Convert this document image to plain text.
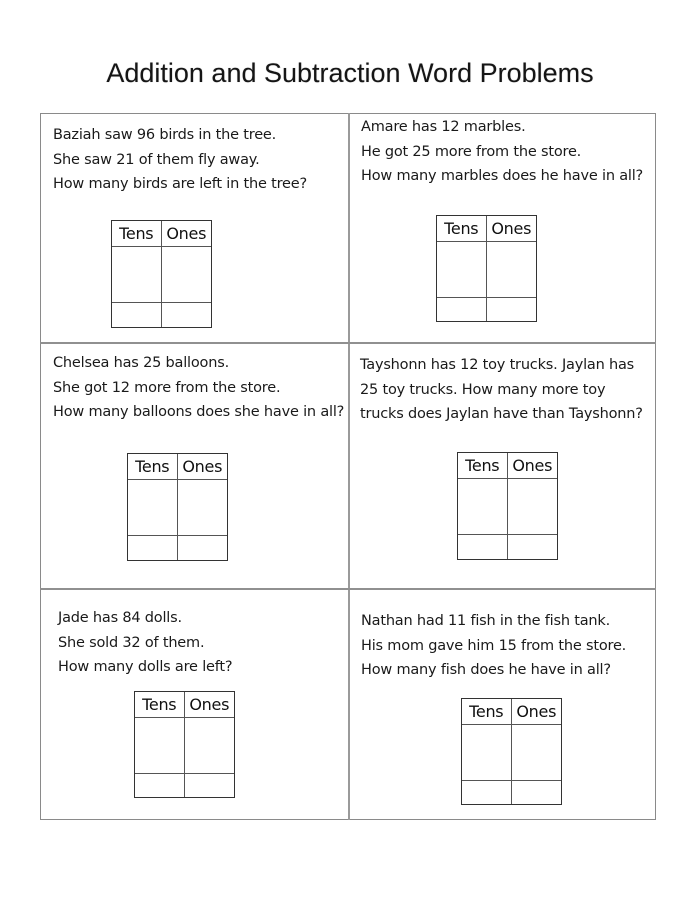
Addition and Subtraction Word Problems
Baziah saw 96 birds in the tree.
She saw 21 of them fly away.
How many birds are left in the tree?
Tens Ones
Amare has 12 marbles.
He got 25 more from the store.
How many marbles does he have in all?
Tens Ones
Chelsea has 25 balloons.
She got 12 more from the store.
How many balloons does she have in all?
Tens Ones
Tayshonn has 12 toy trucks. Jaylan has
25 toy trucks. How many more toy
trucks does Jaylan have than Tayshonn?
Tens Ones
Jade has 84 dolls.
She sold 32 of them.
How many dolls are left?
Tens Ones
Nathan had 11 fish in the fish tank.
His mom gave him 15 from the store.
How many fish does he have in all?
Tens Ones
